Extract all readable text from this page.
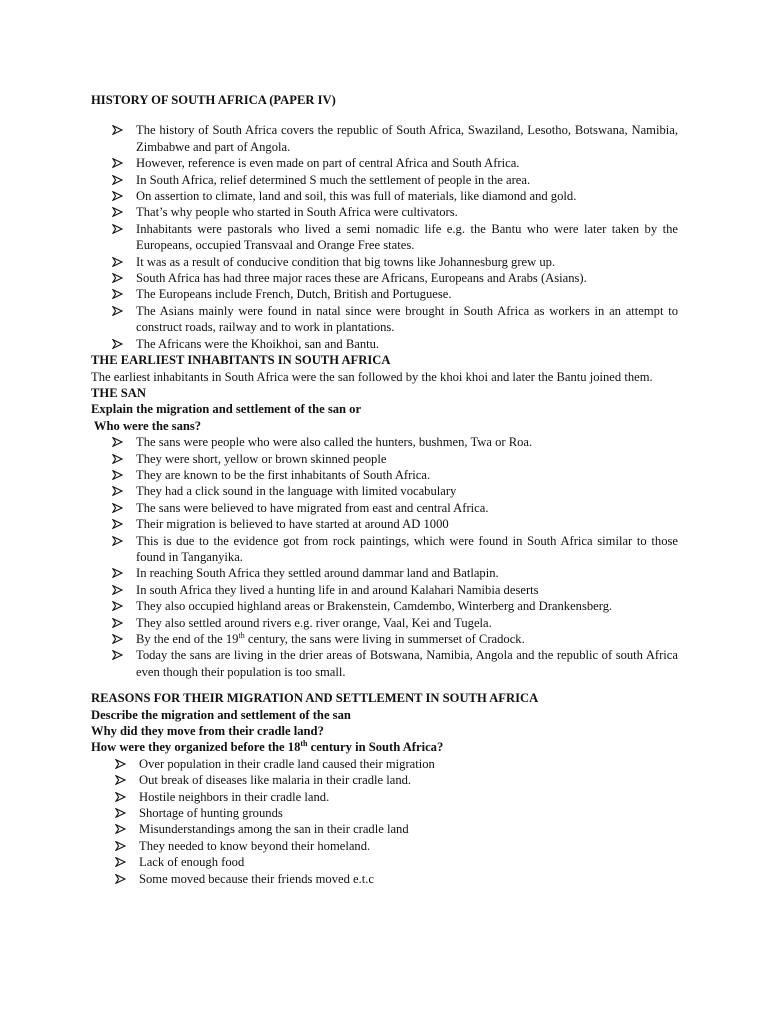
HISTORY OF SOUTH AFRICA (PAPER IV)

The history of South Africa covers the republic of South Africa, Swaziland, Lesotho, Botswana, Namibia, Zimbabwe and part of Angola.
However, reference is even made on part of central Africa and South Africa.
In South Africa, relief determined S much the settlement of people in the area.
On assertion to climate, land and soil, this was full of materials, like diamond and gold.
That’s why people who started in South Africa were cultivators.
Inhabitants were pastorals who lived a semi nomadic life e.g. the Bantu who were later taken by the Europeans, occupied Transvaal and Orange Free states.
It was as a result of conducive condition that big towns like Johannesburg grew up.
South Africa has had three major races these are Africans, Europeans and Arabs (Asians).
The Europeans include French, Dutch, British and Portuguese.
The Asians mainly were found in natal since were brought in South Africa as workers in an attempt to construct roads, railway and to work in plantations.
The Africans were the Khoikhoi, san and Bantu.

THE EARLIEST INHABITANTS IN SOUTH AFRICA

The earliest inhabitants in South Africa were the san followed by the khoi khoi and later the Bantu joined them.

THE SAN

Explain the migration and settlement of the san or

Who were the sans?

The sans were people who were also called the hunters, bushmen, Twa or Roa.
They were short, yellow or brown skinned people
They are known to be the first inhabitants of South Africa.
They had a click sound in the language with limited vocabulary
The sans were believed to have migrated from east and central Africa.
Their migration is believed to have started at around AD 1000
This is due to the evidence got from rock paintings, which were found in South Africa similar to those found in Tanganyika.
In reaching South Africa they settled around dammar land and Batlapin.
In south Africa they lived a hunting life in and around Kalahari Namibia deserts
They also occupied highland areas or Brakenstein, Camdembo, Winterberg and Drankensberg.
They also settled around rivers e.g. river orange, Vaal, Kei and Tugela.
By the end of the 19th century, the sans were living in summerset of Cradock.
Today the sans are living in the drier areas of Botswana, Namibia, Angola and the republic of south Africa even though their population is too small.

REASONS FOR THEIR MIGRATION AND SETTLEMENT IN SOUTH AFRICA

Describe the migration and settlement of the san

Why did they move from their cradle land?

How were they organized before the 18th century in South Africa?

Over population in their cradle land caused their migration
Out break of diseases like malaria in their cradle land.
Hostile neighbors in their cradle land.
Shortage of hunting grounds
Misunderstandings among the san in their cradle land
They needed to know beyond their homeland.
Lack of enough food
Some moved because their friends moved e.t.c
